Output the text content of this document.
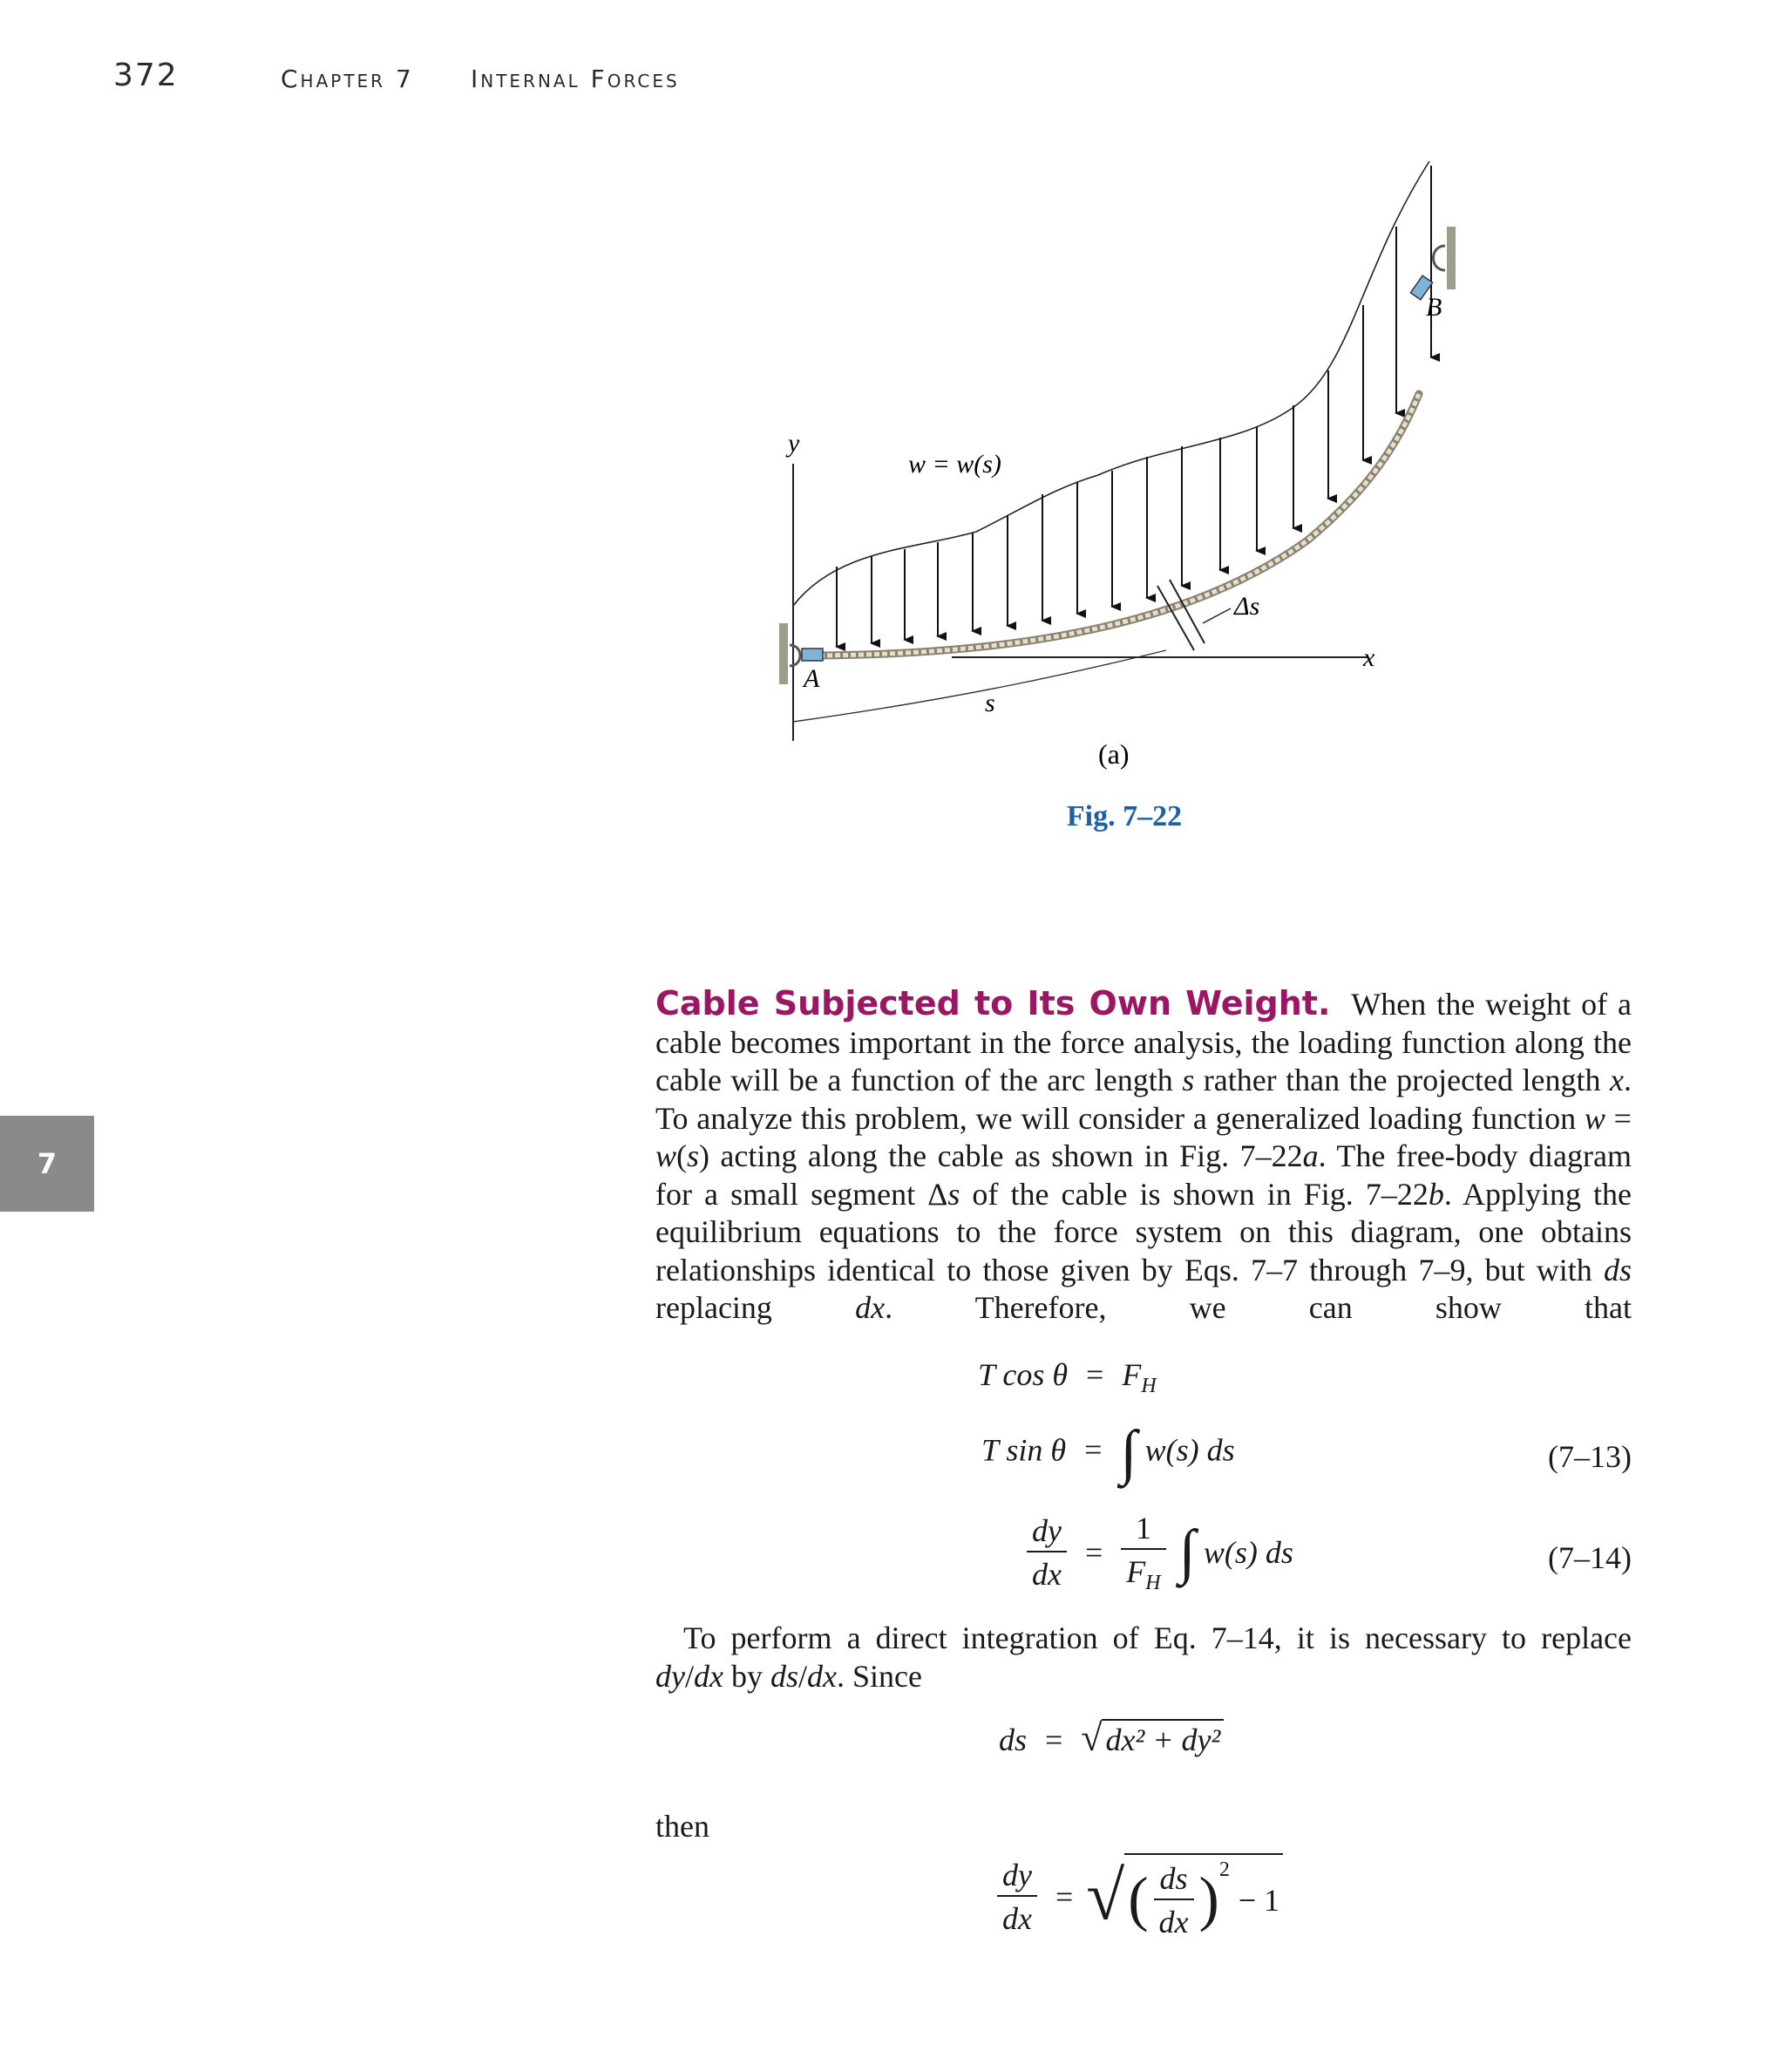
372	Chapter 7 Internal Forces
7
y
x
w = w(s)
A
B
s
Δs
(a)
Fig. 7–22
Cable Subjected to Its Own Weight. When the weight of a cable becomes important in the force analysis, the loading function along the cable will be a function of the arc length s rather than the projected length x. To analyze this problem, we will consider a generalized loading function w = w(s) acting along the cable as shown in Fig. 7–22a. The free-body diagram for a small segment Δs of the cable is shown in Fig. 7–22b. Applying the equilibrium equations to the force system on this diagram, one obtains relationships identical to those given by Eqs. 7–7 through 7–9, but with ds replacing dx. Therefore, we can show that
T $\cos \theta = F_H$
T sin θ = ∫ w(s) ds	(7–13)
$\frac{dy}{dx} = \frac{1}{F_H}$ ∫ w(s) ds	(7–14)
To perform a direct integration of Eq. 7–14, it is necessary to replace
dy/dx by ds/dx. Since
ds = √ dx² + dy²
then
$\frac{dy}{dx}$ = √( $\frac{ds}{dx} )^2- 1$
